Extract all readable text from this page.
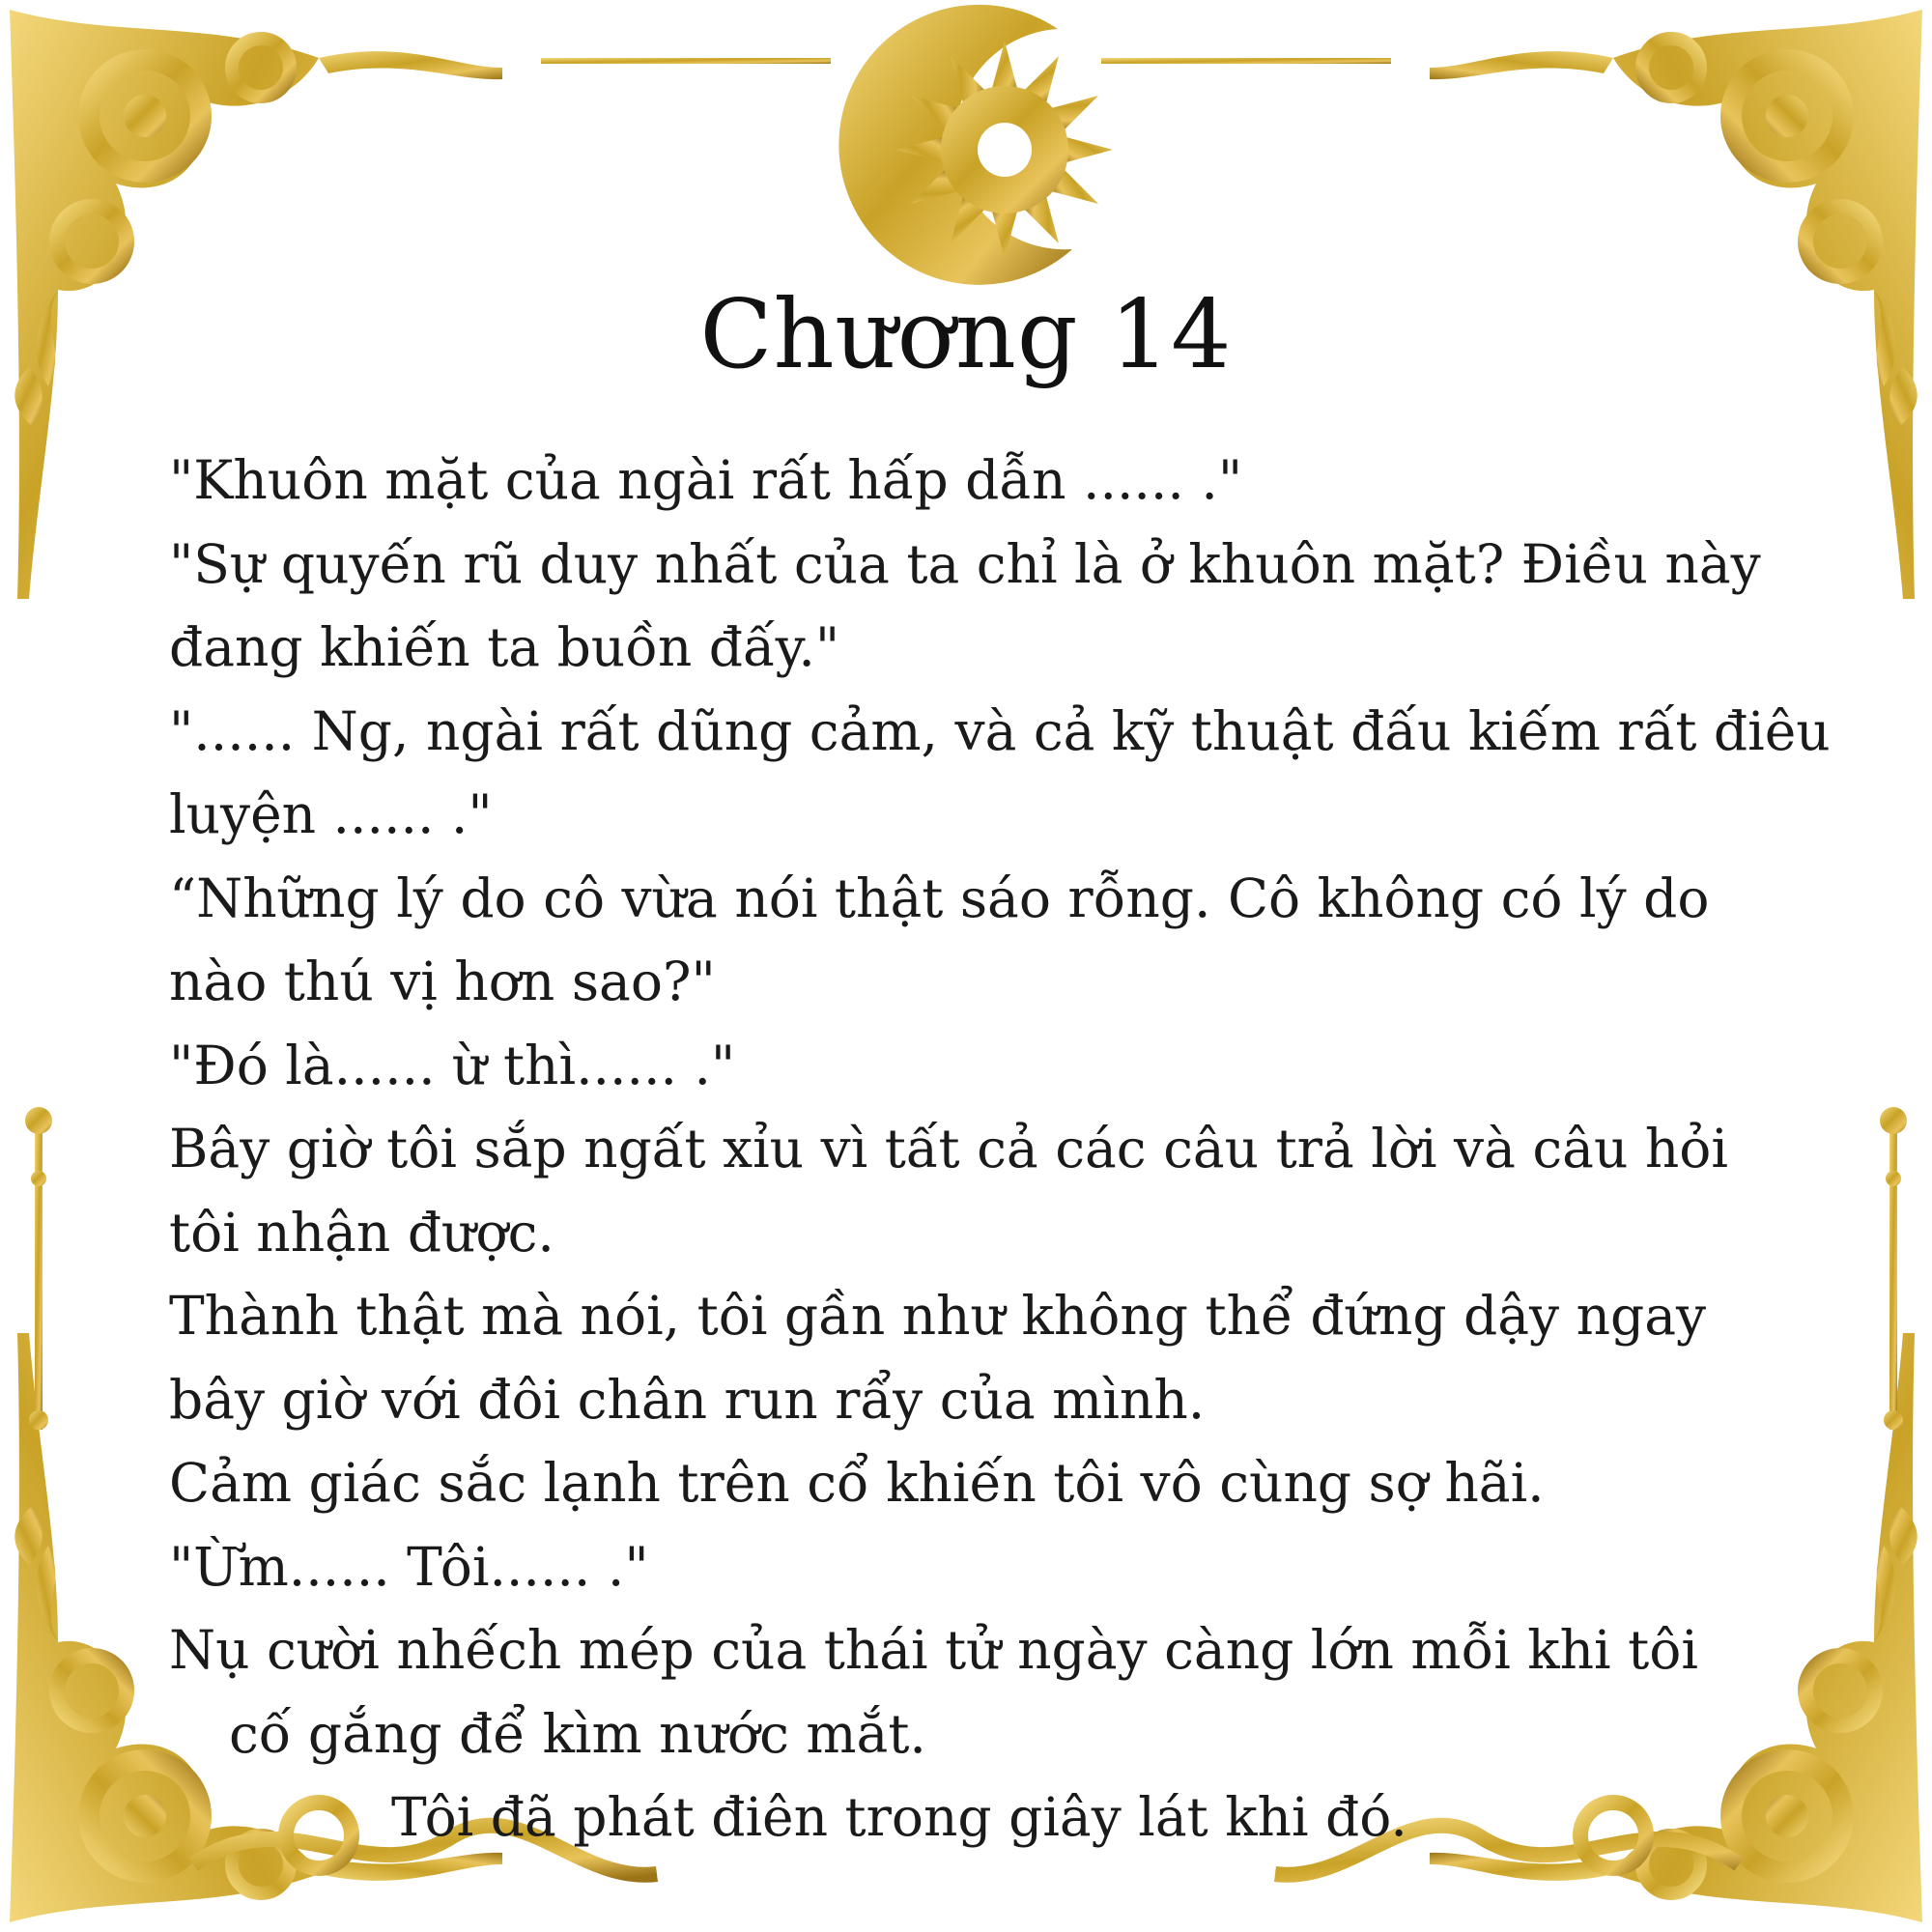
Chương 14
"Khuôn mặt của ngài rất hấp dẫn ...... ."
"Sự quyến rũ duy nhất của ta chỉ là ở khuôn mặt? Điều này
đang khiến ta buồn đấy."
"...... Ng, ngài rất dũng cảm, và cả kỹ thuật đấu kiếm rất điêu
luyện ...... ."
“Những lý do cô vừa nói thật sáo rỗng. Cô không có lý do
nào thú vị hơn sao?"
"Đó là...... ừ thì...... ."
Bây giờ tôi sắp ngất xỉu vì tất cả các câu trả lời và câu hỏi
tôi nhận được.
Thành thật mà nói, tôi gần như không thể đứng dậy ngay
bây giờ với đôi chân run rẩy của mình.
Cảm giác sắc lạnh trên cổ khiến tôi vô cùng sợ hãi.
"Ừm...... Tôi...... ."
Nụ cười nhếch mép của thái tử ngày càng lớn mỗi khi tôi
cố gắng để kìm nước mắt.
Tôi đã phát điên trong giây lát khi đó.
